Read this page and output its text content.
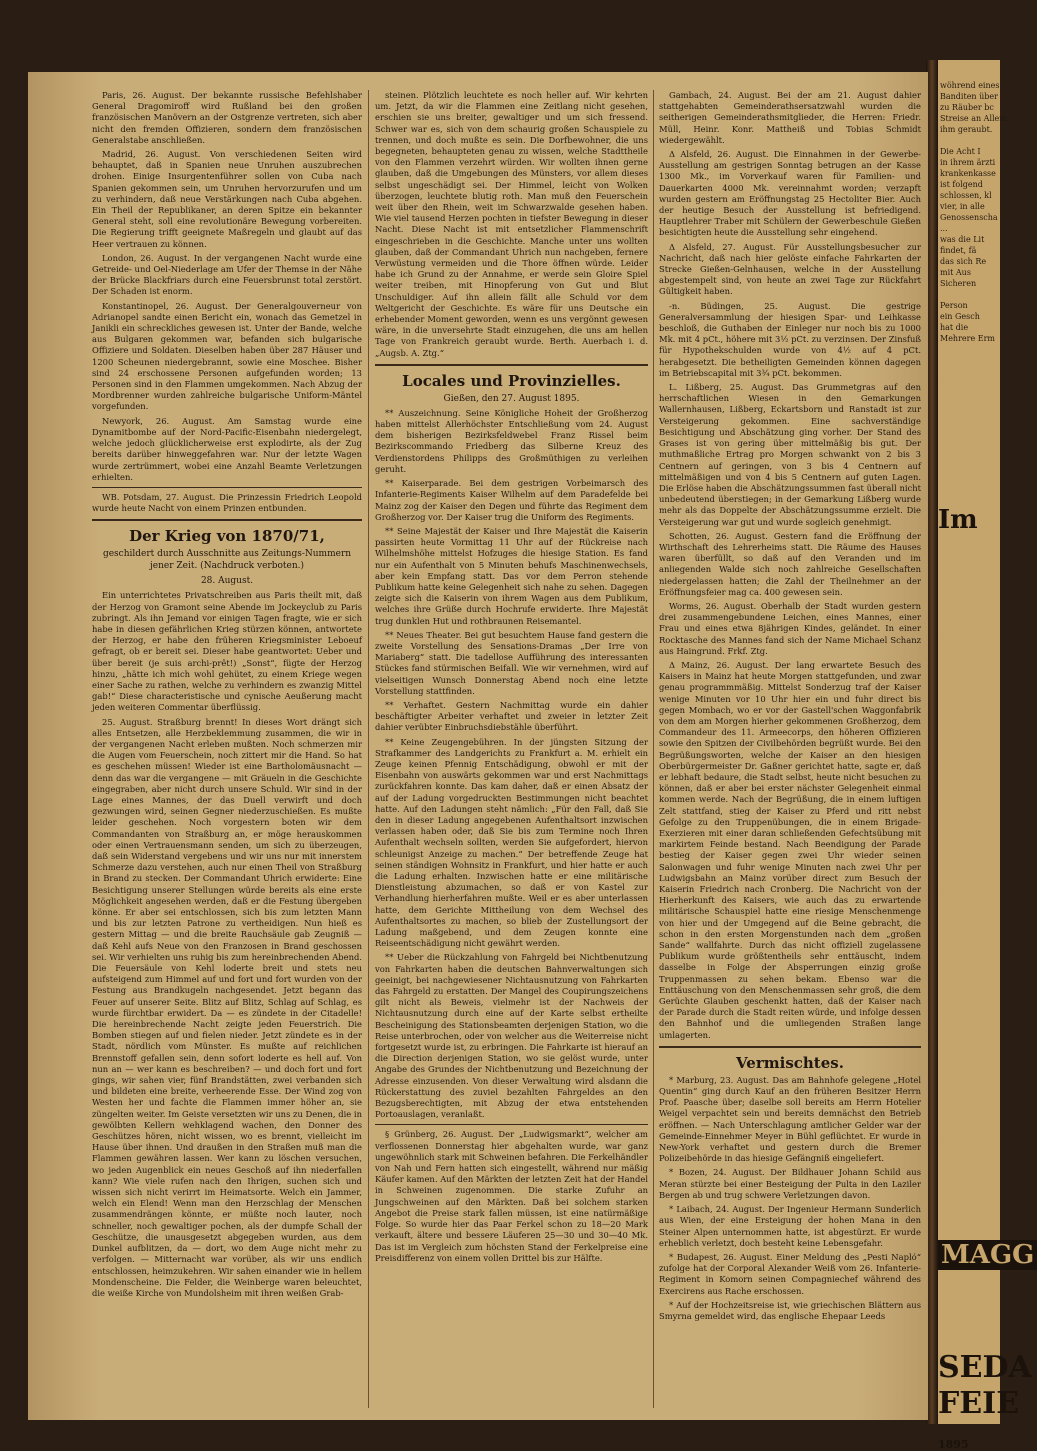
wöhrend eines
Banditen über
zu Räuber bc
Streise an Allem
ihm geraubt.

Die Acht I
in ihrem ärzti
krankenkasse
ist folgend
schlossen, kl
vier, in alle
Genossenscha
...
was die Lit
findet, fä
das sich Re
mit Aus
Sicheren

Person
ein Gesch
hat die
Mehrere Erm
Im
MAGG
SEDA
FEIE
1895

Paris, 26. August. Der bekannte russische Befehlshaber General Dragomiroff wird Rußland bei den großen französischen Manövern an der Ostgrenze vertreten, sich aber nicht den fremden Offizieren, sondern dem französischen Generalstabe anschließen.

Madrid, 26. August. Von verschiedenen Seiten wird behauptet, daß in Spanien neue Unruhen auszubrechen drohen. Einige Insurgentenführer sollen von Cuba nach Spanien gekommen sein, um Unruhen hervorzurufen und um zu verhindern, daß neue Verstärkungen nach Cuba abgehen. Ein Theil der Republikaner, an deren Spitze ein bekannter General steht, soll eine revolutionäre Bewegung vorbereiten. Die Regierung trifft geeignete Maßregeln und glaubt auf das Heer vertrauen zu können.

London, 26. August. In der vergangenen Nacht wurde eine Getreide- und Oel-Niederlage am Ufer der Themse in der Nähe der Brücke Blackfriars durch eine Feuersbrunst total zerstört. Der Schaden ist enorm.

Konstantinopel, 26. August. Der Generalgouverneur von Adrianopel sandte einen Bericht ein, wonach das Gemetzel in Janikli ein schreckliches gewesen ist. Unter der Bande, welche aus Bulgaren gekommen war, befanden sich bulgarische Offiziere und Soldaten. Dieselben haben über 287 Häuser und 1200 Scheunen niedergebrannt, sowie eine Moschee. Bisher sind 24 erschossene Personen aufgefunden worden; 13 Personen sind in den Flammen umgekommen. Nach Abzug der Mordbrenner wurden zahlreiche bulgarische Uniform-Mäntel vorgefunden.

Newyork, 26. August. Am Samstag wurde eine Dynamitbombe auf der Nord-Pacific-Eisenbahn niedergelegt, welche jedoch glücklicherweise erst explodirte, als der Zug bereits darüber hinweggefahren war. Nur der letzte Wagen wurde zertrümmert, wobei eine Anzahl Beamte Verletzungen erhielten.

WB. Potsdam, 27. August. Die Prinzessin Friedrich Leopold wurde heute Nacht von einem Prinzen entbunden.

Der Krieg von 1870/71,
geschildert durch Ausschnitte aus Zeitungs-Nummern jener Zeit. (Nachdruck verboten.)
28. August.

Ein unterrichtetes Privatschreiben aus Paris theilt mit, daß der Herzog von Gramont seine Abende im Jockeyclub zu Paris zubringt. Als ihn Jemand vor einigen Tagen fragte, wie er sich habe in diesen gefährlichen Krieg stürzen können, antwortete der Herzog, er habe den früheren Kriegsminister Leboeuf gefragt, ob er bereit sei. Dieser habe geantwortet: Ueber und über bereit (je suis archi-prêt!) „Sonst“, fügte der Herzog hinzu, „hätte ich mich wohl gehütet, zu einem Kriege wegen einer Sache zu rathen, welche zu verhindern es zwanzig Mittel gab!“ Diese characteristische und cynische Aeußerung macht jeden weiteren Commentar überflüssig.

25. August. Straßburg brennt! In dieses Wort drängt sich alles Entsetzen, alle Herzbeklemmung zusammen, die wir in der vergangenen Nacht erleben mußten. Noch schmerzen mir die Augen vom Feuerschein, noch zittert mir die Hand. So hat es geschehen müssen! Wieder ist eine Bartholomäusnacht — denn das war die vergangene — mit Gräueln in die Geschichte eingegraben, aber nicht durch unsere Schuld. Wir sind in der Lage eines Mannes, der das Duell verwirft und doch gezwungen wird, seinen Gegner niederzuschießen. Es mußte leider geschehen. Noch vorgestern boten wir dem Commandanten von Straßburg an, er möge herauskommen oder einen Vertrauensmann senden, um sich zu überzeugen, daß sein Widerstand vergebens und wir uns nur mit innerstem Schmerze dazu verstehen, auch nur einen Theil von Straßburg in Brand zu stecken. Der Commandant Uhrich erwiderte: Eine Besichtigung unserer Stellungen würde bereits als eine erste Möglichkeit angesehen werden, daß er die Festung übergeben könne. Er aber sei entschlossen, sich bis zum letzten Mann und bis zur letzten Patrone zu vertheidigen. Nun hieß es gestern Mittag — und die breite Rauchsäule gab Zeugniß — daß Kehl aufs Neue von den Franzosen in Brand geschossen sei. Wir verhielten uns ruhig bis zum hereinbrechenden Abend. Die Feuersäule von Kehl loderte breit und stets neu aufsteigend zum Himmel auf und fort und fort wurden von der Festung aus Brandkugeln nachgesendet. Jetzt begann das Feuer auf unserer Seite. Blitz auf Blitz, Schlag auf Schlag, es wurde fürchtbar erwidert. Da — es zündete in der Citadelle! Die hereinbrechende Nacht zeigte jeden Feuerstrich. Die Bomben stiegen auf und fielen nieder. Jetzt zündete es in der Stadt, nördlich vom Münster. Es mußte auf reichlichen Brennstoff gefallen sein, denn sofort loderte es hell auf. Von nun an — wer kann es beschreiben? — und doch fort und fort gings, wir sahen vier, fünf Brandstätten, zwei verbanden sich und bildeten eine breite, verheerende Esse. Der Wind zog von Westen her und fachte die Flammen immer höher an, sie züngelten weiter. Im Geiste versetzten wir uns zu Denen, die in gewölbten Kellern wehklagend wachen, den Donner des Geschützes hören, nicht wissen, wo es brennt, vielleicht im Hause über ihnen. Und draußen in den Straßen muß man die Flammen gewähren lassen. Wer kann zu löschen versuchen, wo jeden Augenblick ein neues Geschoß auf ihn niederfallen kann? Wie viele rufen nach den Ihrigen, suchen sich und wissen sich nicht verirrt im Heimatsorte. Welch ein Jammer, welch ein Elend! Wenn man den Herzschlag der Menschen zusammendrängen könnte, er müßte noch lauter, noch schneller, noch gewaltiger pochen, als der dumpfe Schall der Geschütze, die unausgesetzt abgegeben wurden, aus dem Dunkel aufblitzen, da — dort, wo dem Auge nicht mehr zu verfolgen. — Mitternacht war vorüber, als wir uns endlich entschlossen, heimzukehren. Wir sahen einander wie in hellem Mondenscheine. Die Felder, die Weinberge waren beleuchtet, die weiße Kirche von Mundolsheim mit ihren weißen Grab-

steinen. Plötzlich leuchtete es noch heller auf. Wir kehrten um. Jetzt, da wir die Flammen eine Zeitlang nicht gesehen, erschien sie uns breiter, gewaltiger und um sich fressend. Schwer war es, sich von dem schaurig großen Schauspiele zu trennen, und doch mußte es sein. Die Dorfbewohner, die uns begegneten, behaupteten genau zu wissen, welche Stadttheile von den Flammen verzehrt würden. Wir wollten ihnen gerne glauben, daß die Umgebungen des Münsters, vor allem dieses selbst ungeschädigt sei. Der Himmel, leicht von Wolken überzogen, leuchtete blutig roth. Man muß den Feuerschein weit über den Rhein, weit im Schwarzwalde gesehen haben. Wie viel tausend Herzen pochten in tiefster Bewegung in dieser Nacht. Diese Nacht ist mit entsetzlicher Flammenschrift eingeschrieben in die Geschichte. Manche unter uns wollten glauben, daß der Commandant Uhrich nun nachgeben, fernere Verwüstung vermeiden und die Thore öffnen würde. Leider habe ich Grund zu der Annahme, er werde sein Gloire Spiel weiter treiben, mit Hinopferung von Gut und Blut Unschuldiger. Auf ihn allein fällt alle Schuld vor dem Weltgericht der Geschichte. Es wäre für uns Deutsche ein erhebender Moment geworden, wenn es uns vergönnt gewesen wäre, in die unversehrte Stadt einzugehen, die uns am hellen Tage von Frankreich geraubt wurde. Berth. Auerbach i. d. „Augsb. A. Ztg.“

Locales und Provinzielles.
Gießen, den 27. August 1895.

** Auszeichnung. Seine Königliche Hoheit der Großherzog haben mittelst Allerhöchster Entschließung vom 24. August dem bisherigen Bezirksfeldwebel Franz Rissel beim Bezirkscommando Friedberg das Silberne Kreuz des Verdienstordens Philipps des Großmüthigen zu verleihen geruht.

** Kaiserparade. Bei dem gestrigen Vorbeimarsch des Infanterie-Regiments Kaiser Wilhelm auf dem Paradefelde bei Mainz zog der Kaiser den Degen und führte das Regiment dem Großherzog vor. Der Kaiser trug die Uniform des Regiments.

** Seine Majestät der Kaiser und Ihre Majestät die Kaiserin passirten heute Vormittag 11 Uhr auf der Rückreise nach Wilhelmshöhe mittelst Hofzuges die hiesige Station. Es fand nur ein Aufenthalt von 5 Minuten behufs Maschinenwechsels, aber kein Empfang statt. Das vor dem Perron stehende Publikum hatte keine Gelegenheit sich nahe zu sehen. Dagegen zeigte sich die Kaiserin von ihrem Wagen aus dem Publikum, welches ihre Grüße durch Hochrufe erwiderte. Ihre Majestät trug dunklen Hut und rothbraunen Reisemantel.

** Neues Theater. Bei gut besuchtem Hause fand gestern die zweite Vorstellung des Sensations-Dramas „Der Irre von Mariaberg“ statt. Die tadellose Aufführung des interessanten Stückes fand stürmischen Beifall. Wie wir vernehmen, wird auf vielseitigen Wunsch Donnerstag Abend noch eine letzte Vorstellung stattfinden.

** Verhaftet. Gestern Nachmittag wurde ein dahier beschäftigter Arbeiter verhaftet und zweier in letzter Zeit dahier verübter Einbruchsdiebstähle überführt.

** Keine Zeugengebühren. In der jüngsten Sitzung der Strafkammer des Landgerichts zu Frankfurt a. M. erhielt ein Zeuge keinen Pfennig Entschädigung, obwohl er mit der Eisenbahn von auswärts gekommen war und erst Nachmittags zurückfahren konnte. Das kam daher, daß er einen Absatz der auf der Ladung vorgedruckten Bestimmungen nicht beachtet hatte. Auf den Ladungen steht nämlich: „Für den Fall, daß Sie den in dieser Ladung angegebenen Aufenthaltsort inzwischen verlassen haben oder, daß Sie bis zum Termine noch Ihren Aufenthalt wechseln sollten, werden Sie aufgefordert, hiervon schleunigst Anzeige zu machen.“ Der betreffende Zeuge hat seinen ständigen Wohnsitz in Frankfurt, und hier hatte er auch die Ladung erhalten. Inzwischen hatte er eine militärische Dienstleistung abzumachen, so daß er von Kastel zur Verhandlung hierherfahren mußte. Weil er es aber unterlassen hatte, dem Gerichte Mittheilung von dem Wechsel des Aufenthaltsortes zu machen, so blieb der Zustellungsort der Ladung maßgebend, und dem Zeugen konnte eine Reiseentschädigung nicht gewährt werden.

** Ueber die Rückzahlung von Fahrgeld bei Nichtbenutzung von Fahrkarten haben die deutschen Bahnverwaltungen sich geeinigt, bei nachgewiesener Nichtausnutzung von Fahrkarten das Fahrgeld zu erstatten. Der Mangel des Coupirungszeichens gilt nicht als Beweis, vielmehr ist der Nachweis der Nichtausnutzung durch eine auf der Karte selbst ertheilte Bescheinigung des Stationsbeamten derjenigen Station, wo die Reise unterbrochen, oder von welcher aus die Weiterreise nicht fortgesetzt wurde ist, zu erbringen. Die Fahrkarte ist hierauf an die Direction derjenigen Station, wo sie gelöst wurde, unter Angabe des Grundes der Nichtbenutzung und Bezeichnung der Adresse einzusenden. Von dieser Verwaltung wird alsdann die Rückerstattung des zuviel bezahlten Fahrgeldes an den Bezugsberechtigten, mit Abzug der etwa entstehenden Portoauslagen, veranlaßt.

§ Grünberg, 26. August. Der „Ludwigsmarkt“, welcher am verflossenen Donnerstag hier abgehalten wurde, war ganz ungewöhnlich stark mit Schweinen befahren. Die Ferkelhändler von Nah und Fern hatten sich eingestellt, während nur mäßig Käufer kamen. Auf den Märkten der letzten Zeit hat der Handel in Schweinen zugenommen. Die starke Zufuhr an Jungschweinen auf den Märkten. Daß bei solchem starken Angebot die Preise stark fallen müssen, ist eine natürmäßige Folge. So wurde hier das Paar Ferkel schon zu 18—20 Mark verkauft, ältere und bessere Läuferen 25—30 und 30—40 Mk. Das ist im Vergleich zum höchsten Stand der Ferkelpreise eine Preisdifferenz von einem vollen Drittel bis zur Hälfte.

Gambach, 24. August. Bei der am 21. August dahier stattgehabten Gemeinderathsersatzwahl wurden die seitherigen Gemeinderathsmitglieder, die Herren: Friedr. Müll, Heinr. Konr. Mattheiß und Tobias Schmidt wiedergewählt.

Δ Alsfeld, 26. August. Die Einnahmen in der Gewerbe-Ausstellung am gestrigen Sonntag betrugen an der Kasse 1300 Mk., im Vorverkauf waren für Familien- und Dauerkarten 4000 Mk. vereinnahmt worden; verzapft wurden gestern am Eröffnungstag 25 Hectoliter Bier. Auch der heutige Besuch der Ausstellung ist befriedigend. Hauptlehrer Traber mit Schülern der Gewerbeschule Gießen besichtigten heute die Ausstellung sehr eingehend.

Δ Alsfeld, 27. August. Für Ausstellungsbesucher zur Nachricht, daß nach hier gelöste einfache Fahrkarten der Strecke Gießen-Gelnhausen, welche in der Ausstellung abgestempelt sind, von heute an zwei Tage zur Rückfahrt Gültigkeit haben.

-n. Büdingen, 25. August. Die gestrige Generalversammlung der hiesigen Spar- und Leihkasse beschloß, die Guthaben der Einleger nur noch bis zu 1000 Mk. mit 4 pCt., höhere mit 3½ pCt. zu verzinsen. Der Zinsfuß für Hypothekschulden wurde von 4½ auf 4 pCt. herabgesetzt. Die betheiligten Gemeinden können dagegen im Betriebscapital mit 3¾ pCt. bekommen.

L. Lißberg, 25. August. Das Grummetgras auf den herrschaftlichen Wiesen in den Gemarkungen Wallernhausen, Lißberg, Eckartsborn und Ranstadt ist zur Versteigerung gekommen. Eine sachverständige Besichtigung und Abschätzung ging vorher. Der Stand des Grases ist von gering über mittelmäßig bis gut. Der muthmaßliche Ertrag pro Morgen schwankt von 2 bis 3 Centnern auf geringen, von 3 bis 4 Centnern auf mittelmäßigen und von 4 bis 5 Centnern auf guten Lagen. Die Erlöse haben die Abschätzungssummen fast überall nicht unbedeutend überstiegen; in der Gemarkung Lißberg wurde mehr als das Doppelte der Abschätzungssumme erzielt. Die Versteigerung war gut und wurde sogleich genehmigt.

Schotten, 26. August. Gestern fand die Eröffnung der Wirthschaft des Lehrerheims statt. Die Räume des Hauses waren überfüllt, so daß auf den Veranden und im anliegenden Walde sich noch zahlreiche Gesellschaften niedergelassen hatten; die Zahl der Theilnehmer an der Eröffnungsfeier mag ca. 400 gewesen sein.

Worms, 26. August. Oberhalb der Stadt wurden gestern drei zusammengebundene Leichen, eines Mannes, einer Frau und eines etwa 8jährigen Kindes, geländet. In einer Rocktasche des Mannes fand sich der Name Michael Schanz aus Haingrund. Frkf. Ztg.

Δ Mainz, 26. August. Der lang erwartete Besuch des Kaisers in Mainz hat heute Morgen stattgefunden, und zwar genau programmmäßig. Mittelst Sonderzug traf der Kaiser wenige Minuten vor 10 Uhr hier ein und fuhr direct bis gegen Mombach, wo er vor der Gastell'schen Waggonfabrik von dem am Morgen hierher gekommenen Großherzog, dem Commandeur des 11. Armeecorps, den höheren Offizieren sowie den Spitzen der Civilbehörden begrüßt wurde. Bei den Begrüßungsworten, welche der Kaiser an den hiesigen Oberbürgermeister Dr. Gaßner gerichtet hatte, sagte er, daß er lebhaft bedaure, die Stadt selbst, heute nicht besuchen zu können, daß er aber bei erster nächster Gelegenheit einmal kommen werde. Nach der Begrüßung, die in einem luftigen Zelt stattfand, stieg der Kaiser zu Pferd und ritt nebst Gefolge zu den Truppenübungen, die in einem Brigade-Exerzieren mit einer daran schließenden Gefechtsübung mit markirtem Feinde bestand. Nach Beendigung der Parade bestieg der Kaiser gegen zwei Uhr wieder seinen Salonwagen und fuhr wenige Minuten nach zwei Uhr per Ludwigsbahn an Mainz vorüber direct zum Besuch der Kaiserin Friedrich nach Cronberg. Die Nachricht von der Hierherkunft des Kaisers, wie auch das zu erwartende militärische Schauspiel hatte eine riesige Menschenmenge von hier und der Umgegend auf die Beine gebracht, die schon in den ersten Morgenstunden nach dem „großen Sande“ wallfahrte. Durch das nicht offiziell zugelassene Publikum wurde größtentheils sehr enttäuscht, indem dasselbe in Folge der Absperrungen einzig große Truppenmassen zu sehen bekam. Ebenso war die Enttäuschung von den Menschenmassen sehr groß, die dem Gerüchte Glauben geschenkt hatten, daß der Kaiser nach der Parade durch die Stadt reiten würde, und infolge dessen den Bahnhof und die umliegenden Straßen lange umlagerten.

Vermischtes.

* Marburg, 23. August. Das am Bahnhofe gelegene „Hotel Quentin“ ging durch Kauf an den früheren Besitzer Herrn Prof. Paasche über; daselbe soll bereits am Herrn Hotelier Weigel verpachtet sein und bereits demnächst den Betrieb eröffnen. — Nach Unterschlagung amtlicher Gelder war der Gemeinde-Einnehmer Meyer in Bühl geflüchtet. Er wurde in New-York verhaftet und gestern durch die Bremer Polizeibehörde in das hiesige Gefängniß eingeliefert.

* Bozen, 24. August. Der Bildhauer Johann Schild aus Meran stürzte bei einer Besteigung der Pulta in den Laziler Bergen ab und trug schwere Verletzungen davon.

* Laibach, 24. August. Der Ingenieur Hermann Sunderlich aus Wien, der eine Ersteigung der hohen Mana in den Steiner Alpen unternommen hatte, ist abgestürzt. Er wurde erheblich verletzt, doch besteht keine Lebensgefahr.

* Budapest, 26. August. Einer Meldung des „Pesti Napló“ zufolge hat der Corporal Alexander Weiß vom 26. Infanterie-Regiment in Komorn seinen Compagniechef während des Exercirens aus Rache erschossen.

* Auf der Hochzeitsreise ist, wie griechischen Blättern aus Smyrna gemeldet wird, das englische Ehepaar Leeds
